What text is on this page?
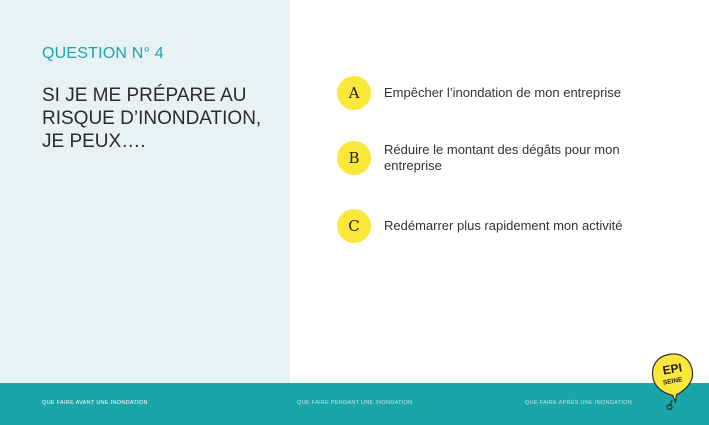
QUESTION N° 4
SI JE ME PRÉPARE AU
RISQUE D’INONDATION,
JE PEUX….
A	Empêcher l’inondation de mon entreprise
B	Réduire le montant des dégâts pour mon entreprise
C	Redémarrer plus rapidement mon activité
QUE FAIRE AVANT UNE INONDATION	QUE FAIRE PENDANT UNE INONDATION	QUE FAIRE APRÈS UNE INONDATION
EPI
SEINE
